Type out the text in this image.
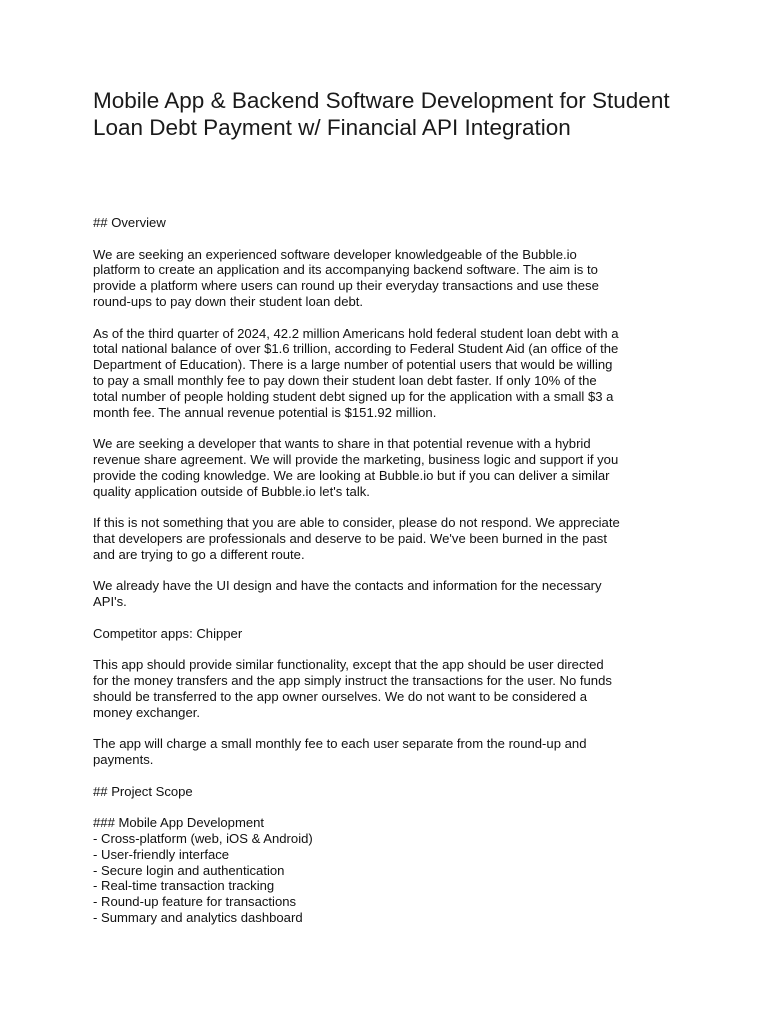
Mobile App & Backend Software Development for Student Loan Debt Payment w/ Financial API Integration

## Overview

We are seeking an experienced software developer knowledgeable of the Bubble.io
platform to create an application and its accompanying backend software. The aim is to
provide a platform where users can round up their everyday transactions and use these
round-ups to pay down their student loan debt.

As of the third quarter of 2024, 42.2 million Americans hold federal student loan debt with a
total national balance of over $1.6 trillion, according to Federal Student Aid (an office of the
Department of Education). There is a large number of potential users that would be willing
to pay a small monthly fee to pay down their student loan debt faster. If only 10% of the
total number of people holding student debt signed up for the application with a small $3 a
month fee. The annual revenue potential is $151.92 million.

We are seeking a developer that wants to share in that potential revenue with a hybrid
revenue share agreement. We will provide the marketing, business logic and support if you
provide the coding knowledge. We are looking at Bubble.io but if you can deliver a similar
quality application outside of Bubble.io let's talk.

If this is not something that you are able to consider, please do not respond. We appreciate
that developers are professionals and deserve to be paid. We've been burned in the past
and are trying to go a different route.

We already have the UI design and have the contacts and information for the necessary
API's.

Competitor apps: Chipper

This app should provide similar functionality, except that the app should be user directed
for the money transfers and the app simply instruct the transactions for the user. No funds
should be transferred to the app owner ourselves. We do not want to be considered a
money exchanger.

The app will charge a small monthly fee to each user separate from the round-up and
payments.

## Project Scope

### Mobile App Development

- Cross-platform (web, iOS & Android)
- User-friendly interface
- Secure login and authentication
- Real-time transaction tracking
- Round-up feature for transactions
- Summary and analytics dashboard
